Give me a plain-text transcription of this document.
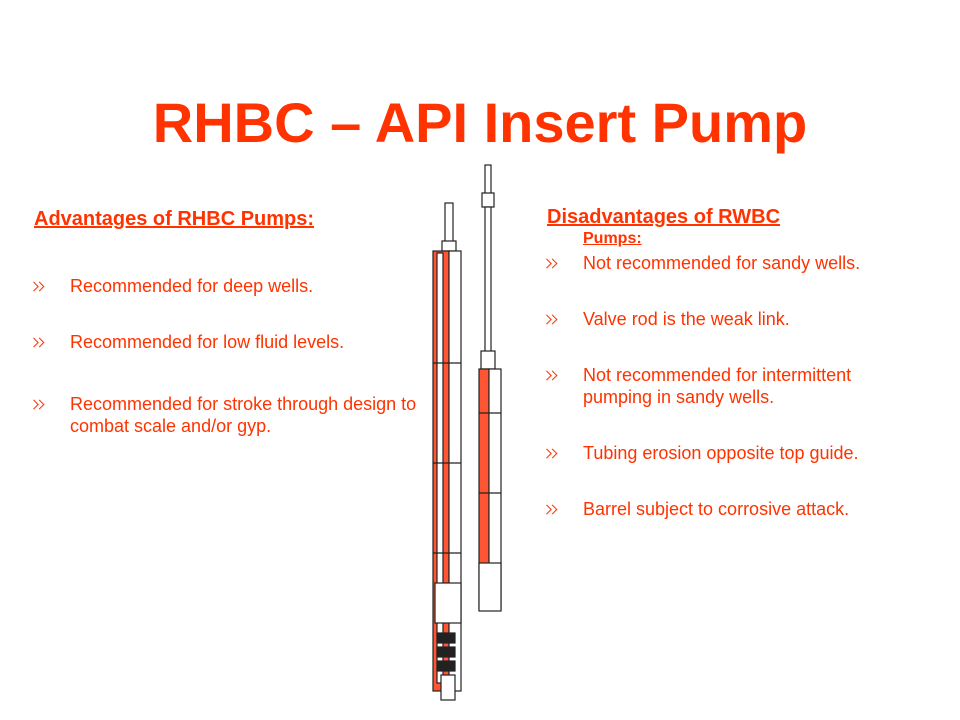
RHBC – API Insert Pump
Advantages of RHBC Pumps:
Recommended for deep wells.
Recommended for low fluid levels.
Recommended for stroke through design to combat scale and/or gyp.
Disadvantages of RWBC
Pumps:
Not recommended for sandy wells.
Valve rod is the weak link.
Not recommended for intermittent pumping in sandy wells.
Tubing erosion opposite top guide.
Barrel subject to corrosive attack.
